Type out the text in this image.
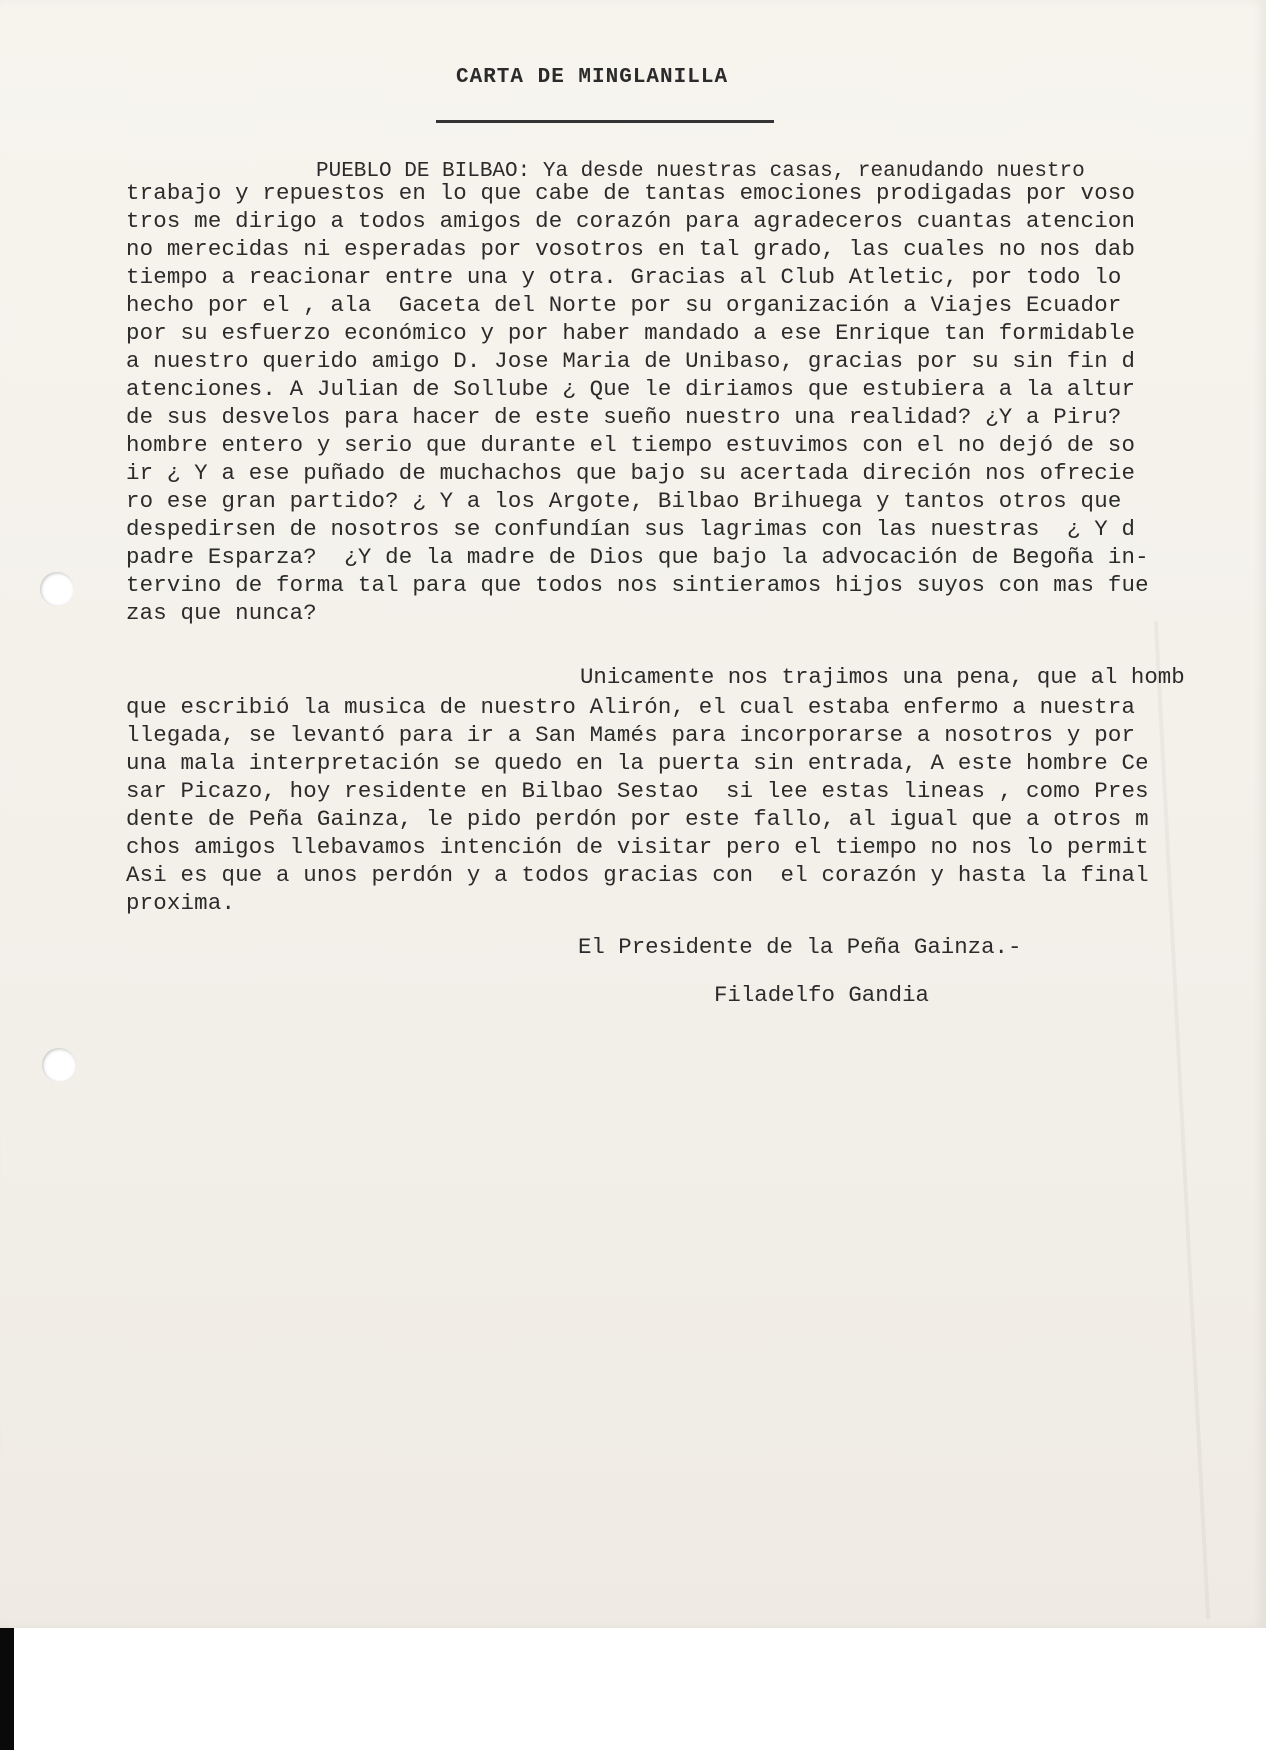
CARTA DE MINGLANILLA
PUEBLO DE BILBAO: Ya desde nuestras casas, reanudando nuestro
trabajo y repuestos en lo que cabe de tantas emociones prodigadas por voso
tros me dirigo a todos amigos de corazón para agradeceros cuantas atencion
no merecidas ni esperadas por vosotros en tal grado, las cuales no nos dab
tiempo a reacionar entre una y otra. Gracias al Club Atletic, por todo lo
hecho por el , ala  Gaceta del Norte por su organización a Viajes Ecuador
por su esfuerzo económico y por haber mandado a ese Enrique tan formidable
a nuestro querido amigo D. Jose Maria de Unibaso, gracias por su sin fin d
atenciones. A Julian de Sollube ¿ Que le diriamos que estubiera a la altur
de sus desvelos para hacer de este sueño nuestro una realidad? ¿Y a Piru?
hombre entero y serio que durante el tiempo estuvimos con el no dejó de so
ir ¿ Y a ese puñado de muchachos que bajo su acertada direción nos ofrecie
ro ese gran partido? ¿ Y a los Argote, Bilbao Brihuega y tantos otros que
despedirsen de nosotros se confundían sus lagrimas con las nuestras  ¿ Y d
padre Esparza?  ¿Y de la madre de Dios que bajo la advocación de Begoña in-
tervino de forma tal para que todos nos sintieramos hijos suyos con mas fue
zas que nunca?
Unicamente nos trajimos una pena, que al homb
que escribió la musica de nuestro Alirón, el cual estaba enfermo a nuestra
llegada, se levantó para ir a San Mamés para incorporarse a nosotros y por
una mala interpretación se quedo en la puerta sin entrada, A este hombre Ce
sar Picazo, hoy residente en Bilbao Sestao  si lee estas lineas , como Pres
dente de Peña Gainza, le pido perdón por este fallo, al igual que a otros m
chos amigos llebavamos intención de visitar pero el tiempo no nos lo permit
Asi es que a unos perdón y a todos gracias con  el corazón y hasta la final
proxima.
El Presidente de la Peña Gainza.-
Filadelfo Gandia
